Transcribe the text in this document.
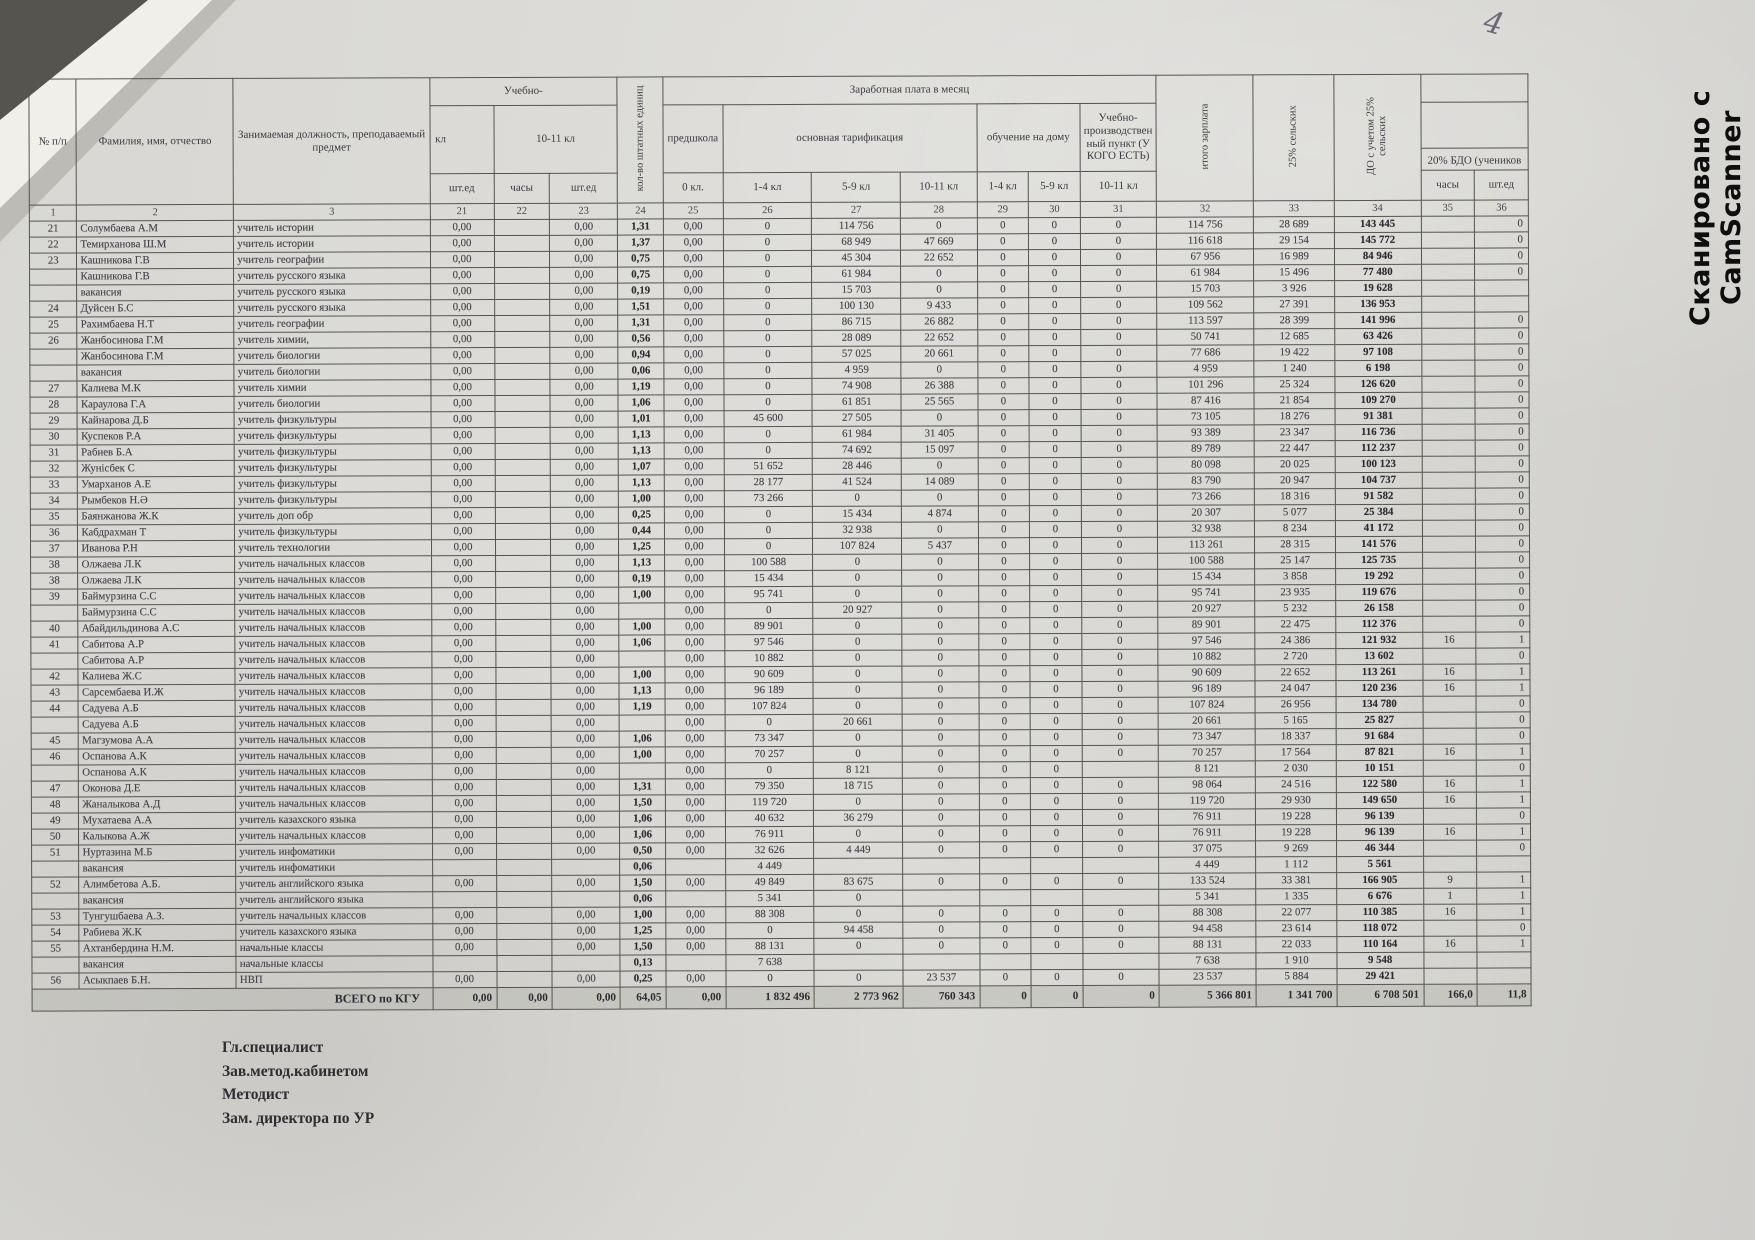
4
Сканировано с CamScanner
№ п/п	Фамилия, имя, отчество	Занимаемая должность, преподаваемый предмет	Учебно-			кол-во штатных единиц	Заработная плата в месяц							итого зарплата	25% сельских	ДО с учетом 25% сельских		
			кл	10-11 кл			предшкола	основная тарификация			обучение на дому		Учебно-производствен ный пункт (У КОГО ЕСТЬ)				20% БДО (учеников	
			шт.ед	часы	шт.ед		0 кл.	1-4 кл	5-9 кл	10-11 кл	1-4 кл	5-9 кл	10-11 кл				часы	шт.ед
1	2	3	21	22	23	24	25	26	27	28	29	30	31	32	33	34	35	36
21	Солумбаева А.М	учитель истории	0,00		0,00	1,31	0,00	0	114 756	0	0	0	0	114 756	28 689	143 445		0
22	Темирханова Ш.М	учитель истории	0,00		0,00	1,37	0,00	0	68 949	47 669	0	0	0	116 618	29 154	145 772		0
23	Кашникова Г.В	учитель географии	0,00		0,00	0,75	0,00	0	45 304	22 652	0	0	0	67 956	16 989	84 946		0
	Кашникова Г.В	учитель русского языка	0,00		0,00	0,75	0,00	0	61 984	0	0	0	0	61 984	15 496	77 480		0
	вакансия	учитель русского языка	0,00		0,00	0,19	0,00	0	15 703	0	0	0	0	15 703	3 926	19 628		
24	Дуйсен Б.С	учитель русского языка	0,00		0,00	1,51	0,00	0	100 130	9 433	0	0	0	109 562	27 391	136 953		
25	Рахимбаева Н.Т	учитель географии	0,00		0,00	1,31	0,00	0	86 715	26 882	0	0	0	113 597	28 399	141 996		0
26	Жанбосинова Г.М	учитель химии,	0,00		0,00	0,56	0,00	0	28 089	22 652	0	0	0	50 741	12 685	63 426		0
	Жанбосинова Г.М	учитель биологии	0,00		0,00	0,94	0,00	0	57 025	20 661	0	0	0	77 686	19 422	97 108		0
	вакансия	учитель биологии	0,00		0,00	0,06	0,00	0	4 959	0	0	0	0	4 959	1 240	6 198		0
27	Калиева М.К	учитель химии	0,00		0,00	1,19	0,00	0	74 908	26 388	0	0	0	101 296	25 324	126 620		0
28	Караулова Г.А	учитель биологии	0,00		0,00	1,06	0,00	0	61 851	25 565	0	0	0	87 416	21 854	109 270		0
29	Кайнарова Д.Б	учитель физкультуры	0,00		0,00	1,01	0,00	45 600	27 505	0	0	0	0	73 105	18 276	91 381		0
30	Куспеков Р.А	учитель физкультуры	0,00		0,00	1,13	0,00	0	61 984	31 405	0	0	0	93 389	23 347	116 736		0
31	Рабиев Б.А	учитель физкультуры	0,00		0,00	1,13	0,00	0	74 692	15 097	0	0	0	89 789	22 447	112 237		0
32	Жунісбек С	учитель физкультуры	0,00		0,00	1,07	0,00	51 652	28 446	0	0	0	0	80 098	20 025	100 123		0
33	Умарханов А.Е	учитель физкультуры	0,00		0,00	1,13	0,00	28 177	41 524	14 089	0	0	0	83 790	20 947	104 737		0
34	Рымбеков Н.Ә	учитель физкультуры	0,00		0,00	1,00	0,00	73 266	0	0	0	0	0	73 266	18 316	91 582		0
35	Баянжанова Ж.К	учитель доп обр	0,00		0,00	0,25	0,00	0	15 434	4 874	0	0	0	20 307	5 077	25 384		0
36	Кабдрахман Т	учитель физкультуры	0,00		0,00	0,44	0,00	0	32 938	0	0	0	0	32 938	8 234	41 172		0
37	Иванова Р.Н	учитель технологии	0,00		0,00	1,25	0,00	0	107 824	5 437	0	0	0	113 261	28 315	141 576		0
38	Олжаева Л.К	учитель начальных классов	0,00		0,00	1,13	0,00	100 588	0	0	0	0	0	100 588	25 147	125 735		0
38	Олжаева Л.К	учитель начальных классов	0,00		0,00	0,19	0,00	15 434	0	0	0	0	0	15 434	3 858	19 292		0
39	Баймурзина С.С	учитель начальных классов	0,00		0,00	1,00	0,00	95 741	0	0	0	0	0	95 741	23 935	119 676		0
	Баймурзина С.С	учитель начальных классов	0,00		0,00		0,00	0	20 927	0	0	0	0	20 927	5 232	26 158		0
40	Абайдильдинова А.С	учитель начальных классов	0,00		0,00	1,00	0,00	89 901	0	0	0	0	0	89 901	22 475	112 376		0
41	Сабитова А.Р	учитель начальных классов	0,00		0,00	1,06	0,00	97 546	0	0	0	0	0	97 546	24 386	121 932	16	1
	Сабитова А.Р	учитель начальных классов	0,00		0,00		0,00	10 882	0	0	0	0	0	10 882	2 720	13 602		0
42	Калиева Ж.С	учитель начальных классов	0,00		0,00	1,00	0,00	90 609	0	0	0	0	0	90 609	22 652	113 261	16	1
43	Сарсембаева И.Ж	учитель начальных классов	0,00		0,00	1,13	0,00	96 189	0	0	0	0	0	96 189	24 047	120 236	16	1
44	Садуева А.Б	учитель начальных классов	0,00		0,00	1,19	0,00	107 824	0	0	0	0	0	107 824	26 956	134 780		0
	Садуева А.Б	учитель начальных классов	0,00		0,00		0,00	0	20 661	0	0	0	0	20 661	5 165	25 827		0
45	Магзумова А.А	учитель начальных классов	0,00		0,00	1,06	0,00	73 347	0	0	0	0	0	73 347	18 337	91 684		0
46	Оспанова А.К	учитель начальных классов	0,00		0,00	1,00	0,00	70 257	0	0	0	0	0	70 257	17 564	87 821	16	1
	Оспанова А.К	учитель начальных классов	0,00		0,00		0,00	0	8 121	0	0	0		8 121	2 030	10 151		0
47	Оконова Д.Е	учитель начальных классов	0,00		0,00	1,31	0,00	79 350	18 715	0	0	0	0	98 064	24 516	122 580	16	1
48	Жаналыкова А.Д	учитель начальных классов	0,00		0,00	1,50	0,00	119 720	0	0	0	0	0	119 720	29 930	149 650	16	1
49	Мухатаева А.А	учитель казахского языка	0,00		0,00	1,06	0,00	40 632	36 279	0	0	0	0	76 911	19 228	96 139		0
50	Калыкова А.Ж	учитель начальных классов	0,00		0,00	1,06	0,00	76 911	0	0	0	0	0	76 911	19 228	96 139	16	1
51	Нуртазина М.Б	учитель инфоматики	0,00		0,00	0,50	0,00	32 626	4 449	0	0	0	0	37 075	9 269	46 344		0
	вакансия	учитель инфоматики				0,06		4 449						4 449	1 112	5 561		
52	Алимбетова А.Б.	учитель английского языка	0,00		0,00	1,50	0,00	49 849	83 675	0	0	0	0	133 524	33 381	166 905	9	1
	вакансия	учитель английского языка				0,06		5 341	0					5 341	1 335	6 676	1	1
53	Тунгушбаева А.З.	учитель начальных классов	0,00		0,00	1,00	0,00	88 308	0	0	0	0	0	88 308	22 077	110 385	16	1
54	Рабиева Ж.К	учитель казахского языка	0,00		0,00	1,25	0,00	0	94 458	0	0	0	0	94 458	23 614	118 072		0
55	Ахтанбердина Н.М.	начальные классы	0,00		0,00	1,50	0,00	88 131	0	0	0	0	0	88 131	22 033	110 164	16	1
	вакансия	начальные классы				0,13		7 638						7 638	1 910	9 548		
56	Асыкпаев Б.Н.	НВП	0,00		0,00	0,25	0,00	0	0	23 537	0	0	0	23 537	5 884	29 421		
ВСЕГО по КГУ			0,00	0,00	0,00	64,05	0,00	1 832 496	2 773 962	760 343	0	0	0	5 366 801	1 341 700	6 708 501	166,0	11,8
Гл.специалист
Зав.метод.кабинетом
Методист
Зам. директора по УР
